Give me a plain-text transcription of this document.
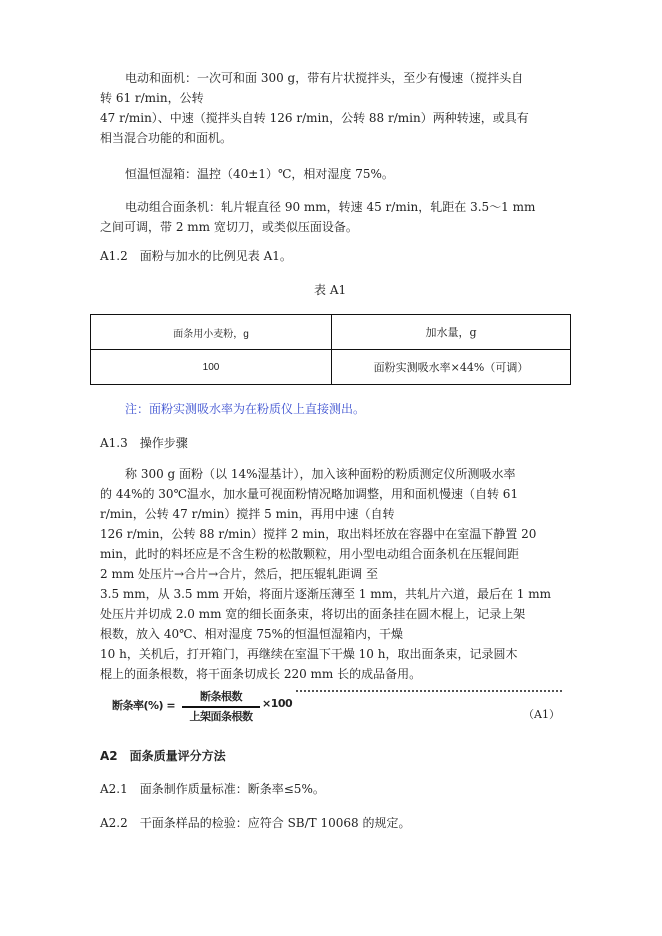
电动和面机：一次可和面 300 g，带有片状搅拌头，至少有慢速（搅拌头自
转 61 r/min，公转
47 r/min）、中速（搅拌头自转 126 r/min，公转 88 r/min）两种转速，或具有
相当混合功能的和面机。
恒温恒湿箱：温控（40±1）℃，相对湿度 75%。
电动组合面条机：轧片辊直径 90 mm，转速 45 r/min，轧距在 3.5～1 mm
之间可调，带 2 mm 宽切刀，或类似压面设备。
A1.2　面粉与加水的比例见表 A1。
表 A1
面条用小麦粉，g	加水量，g
100	面粉实测吸水率×44%（可调）
注：面粉实测吸水率为在粉质仪上直接测出。
A1.3　操作步骤
称 300 g 面粉（以 14%湿基计），加入该种面粉的粉质测定仪所测吸水率
的 44%的 30℃温水，加水量可视面粉情况略加调整，用和面机慢速（自转 61
r/min，公转 47 r/min）搅拌 5 min，再用中速（自转
126 r/min，公转 88 r/min）搅拌 2 min，取出料坯放在容器中在室温下静置 20
min，此时的料坯应是不含生粉的松散颗粒，用小型电动组合面条机在压辊间距
2 mm 处压片→合片→合片，然后，把压辊轧距调 至
3.5 mm，从 3.5 mm 开始，将面片逐渐压薄至 1 mm，共轧片六道，最后在 1 mm
处压片并切成 2.0 mm 宽的细长面条束，将切出的面条挂在圆木棍上，记录上架
根数，放入 40℃、相对湿度 75%的恒温恒湿箱内，干燥
10 h，关机后，打开箱门，再继续在室温下干燥 10 h，取出面条束，记录圆木
棍上的面条根数，将干面条切成长 220 mm 长的成品备用。
断条率(%) =
断条根数
上架面条根数
×100
（A1）
A2　面条质量评分方法
A2.1　面条制作质量标准：断条率≤5%。
A2.2　干面条样品的检验：应符合 SB/T 10068 的规定。
